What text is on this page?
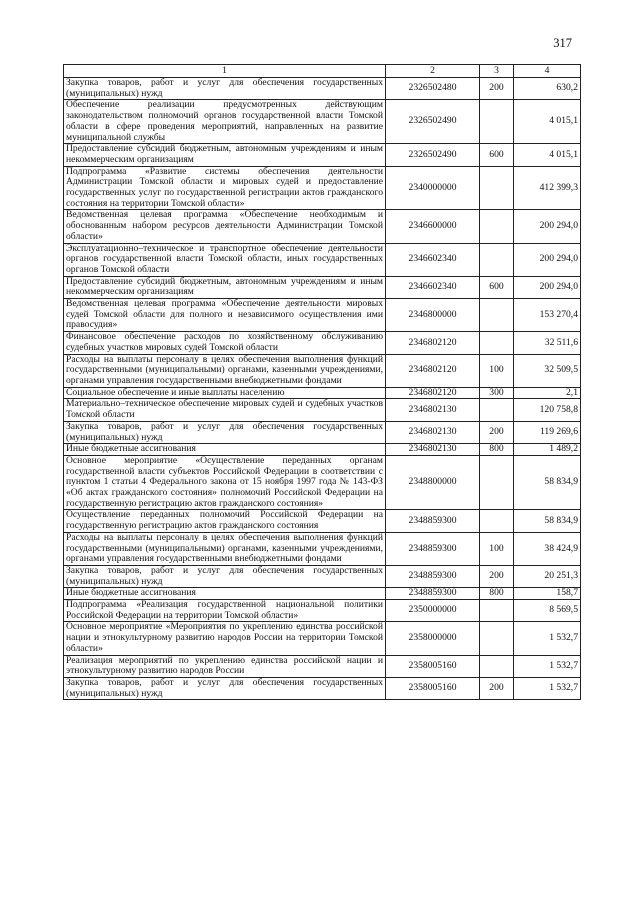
317
1	2	3	4
Закупка товаров, работ и услуг для обеспечения государственных (муниципальных) нужд	2326502480	200	630,2
Обеспечение реализации предусмотренных действующим законодательством полномочий органов государственной власти Томской области в сфере проведения мероприятий, направленных на развитие муниципальной службы	2326502490		4 015,1
Предоставление субсидий бюджетным, автономным учреждениям и иным некоммерческим организациям	2326502490	600	4 015,1
Подпрограмма «Развитие системы обеспечения деятельности Администрации Томской области и мировых судей и предоставление государственных услуг по государственной регистрации актов гражданского состояния на территории Томской области»	2340000000		412 399,3
Ведомственная целевая программа «Обеспечение необходимым и обоснованным набором ресурсов деятельности Администрации Томской области»	2346600000		200 294,0
Эксплуатационно–техническое и транспортное обеспечение деятельности органов государственной власти Томской области, иных государственных органов Томской области	2346602340		200 294,0
Предоставление субсидий бюджетным, автономным учреждениям и иным некоммерческим организациям	2346602340	600	200 294,0
Ведомственная целевая программа «Обеспечение деятельности мировых судей Томской области для полного и независимого осуществления ими правосудия»	2346800000		153 270,4
Финансовое обеспечение расходов по хозяйственному обслуживанию судебных участков мировых судей Томской области	2346802120		32 511,6
Расходы на выплаты персоналу в целях обеспечения выполнения функций государственными (муниципальными) органами, казенными учреждениями, органами управления государственными внебюджетными фондами	2346802120	100	32 509,5
Социальное обеспечение и иные выплаты населению	2346802120	300	2,1
Материально–техническое обеспечение мировых судей и судебных участков Томской области	2346802130		120 758,8
Закупка товаров, работ и услуг для обеспечения государственных (муниципальных) нужд	2346802130	200	119 269,6
Иные бюджетные ассигнования	2346802130	800	1 489,2
Основное мероприятие «Осуществление переданных органам государственной власти субъектов Российской Федерации в соответствии с пунктом 1 статьи 4 Федерального закона от 15 ноября 1997 года № 143-ФЗ «Об актах гражданского состояния» полномочий Российской Федерации на государственную регистрацию актов гражданского состояния»	2348800000		58 834,9
Осуществление переданных полномочий Российской Федерации на государственную регистрацию актов гражданского состояния	2348859300		58 834,9
Расходы на выплаты персоналу в целях обеспечения выполнения функций государственными (муниципальными) органами, казенными учреждениями, органами управления государственными внебюджетными фондами	2348859300	100	38 424,9
Закупка товаров, работ и услуг для обеспечения государственных (муниципальных) нужд	2348859300	200	20 251,3
Иные бюджетные ассигнования	2348859300	800	158,7
Подпрограмма «Реализация государственной национальной политики Российской Федерации на территории Томской области»	2350000000		8 569,5
Основное мероприятие «Мероприятия по укреплению единства российской нации и этнокультурному развитию народов России на территории Томской области»	2358000000		1 532,7
Реализация мероприятий по укреплению единства российской нации и этнокультурному развитию народов России	2358005160		1 532,7
Закупка товаров, работ и услуг для обеспечения государственных (муниципальных) нужд	2358005160	200	1 532,7
